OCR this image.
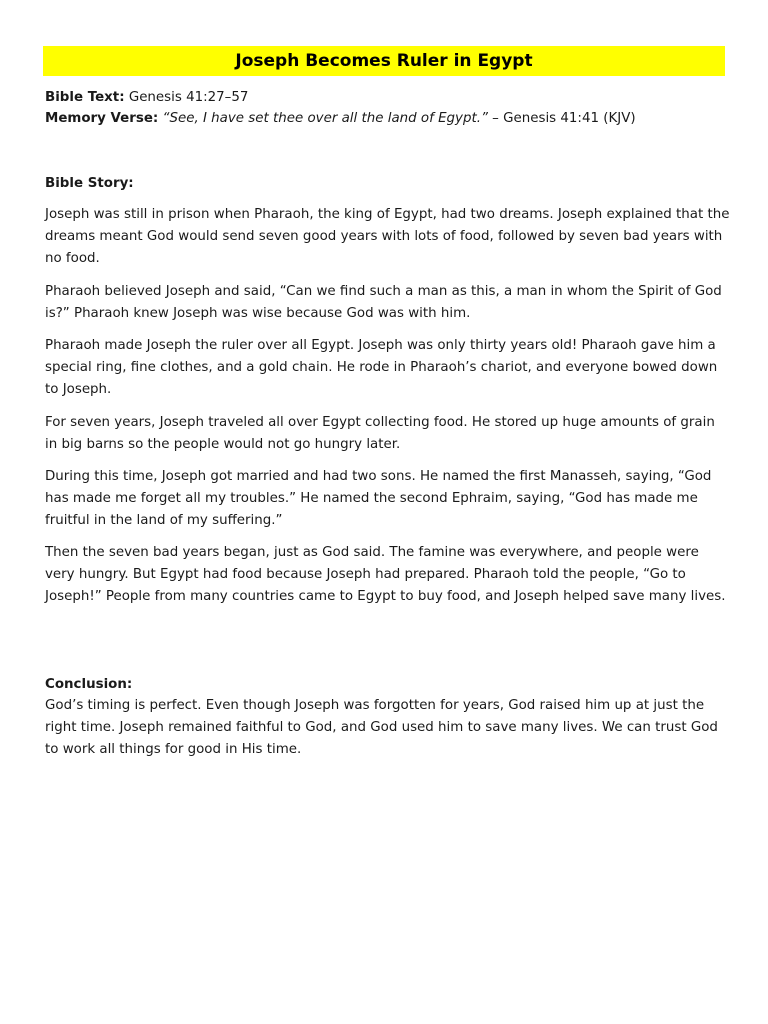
Joseph Becomes Ruler in Egypt
Bible Text: Genesis 41:27–57
Memory Verse: “See, I have set thee over all the land of Egypt.” – Genesis 41:41 (KJV)
Bible Story:

Joseph was still in prison when Pharaoh, the king of Egypt, had two dreams. Joseph explained that the dreams meant God would send seven good years with lots of food, followed by seven bad years with no food.

Pharaoh believed Joseph and said, “Can we find such a man as this, a man in whom the Spirit of God is?” Pharaoh knew Joseph was wise because God was with him.

Pharaoh made Joseph the ruler over all Egypt. Joseph was only thirty years old! Pharaoh gave him a special ring, fine clothes, and a gold chain. He rode in Pharaoh’s chariot, and everyone bowed down to Joseph.

For seven years, Joseph traveled all over Egypt collecting food. He stored up huge amounts of grain in big barns so the people would not go hungry later.

During this time, Joseph got married and had two sons. He named the first Manasseh, saying, “God has made me forget all my troubles.” He named the second Ephraim, saying, “God has made me fruitful in the land of my suffering.”

Then the seven bad years began, just as God said. The famine was everywhere, and people were very hungry. But Egypt had food because Joseph had prepared. Pharaoh told the people, “Go to Joseph!” People from many countries came to Egypt to buy food, and Joseph helped save many lives.

Conclusion:

God’s timing is perfect. Even though Joseph was forgotten for years, God raised him up at just the right time. Joseph remained faithful to God, and God used him to save many lives. We can trust God to work all things for good in His time.
